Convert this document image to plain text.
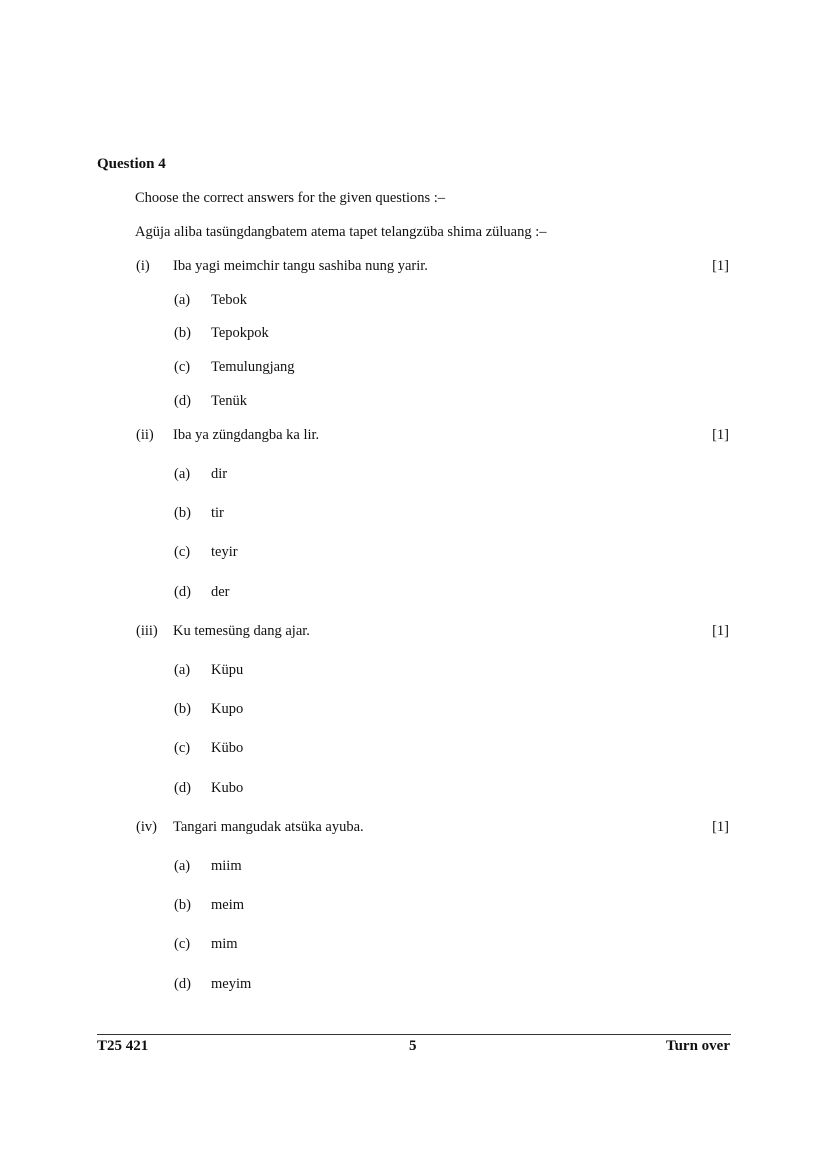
Question 4
Choose the correct answers for the given questions :–
Agüja aliba tasüngdangbatem atema tapet telangzüba shima züluang :–
(i) Iba yagi meimchir tangu sashiba nung yarir.	[1]
(a) Tebok
(b) Tepokpok
(c) Temulungjang
(d) Tenük
(ii) Iba ya züngdangba ka lir.	[1]
(a) dir
(b) tir
(c) teyir
(d) der
(iii) Ku temesüng dang ajar.	[1]
(a) Küpu
(b) Kupo
(c) Kübo
(d) Kubo
(iv) Tangari mangudak atsüka ayuba.	[1]
(a) miim
(b) meim
(c) mim
(d) meyim
T25 421	5	Turn over
